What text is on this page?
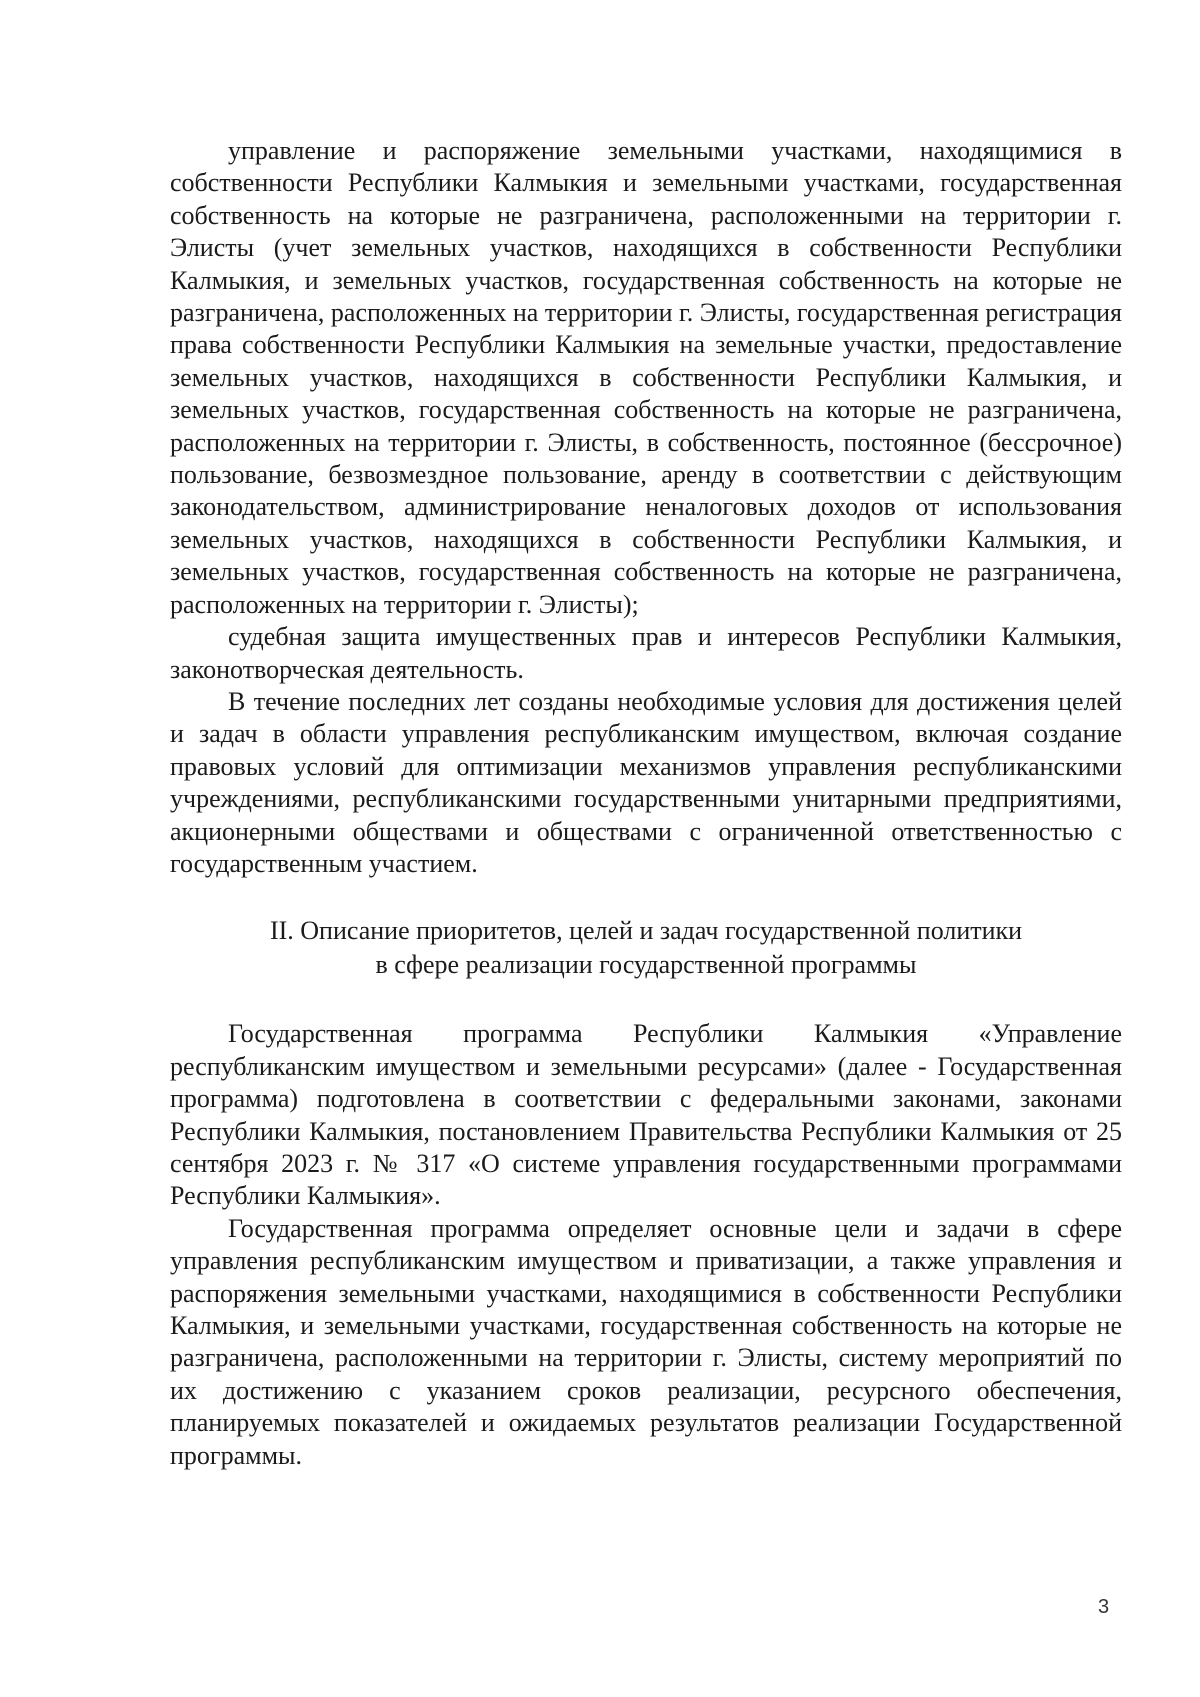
управление и распоряжение земельными участками, находящимися в собственности Республики Калмыкия и земельными участками, государственная собственность на которые не разграничена, расположенными на территории г. Элисты (учет земельных участков, находящихся в собственности Республики Калмыкия, и земельных участков, государственная собственность на которые не разграничена, расположенных на территории г. Элисты, государственная регистрация права собственности Республики Калмыкия на земельные участки, предоставление земельных участков, находящихся в собственности Республики Калмыкия, и земельных участков, государственная собственность на которые не разграничена, расположенных на территории г. Элисты, в собственность, постоянное (бессрочное) пользование, безвозмездное пользование, аренду в соответствии с действующим законодательством, администрирование неналоговых доходов от использования земельных участков, находящихся в собственности Республики Калмыкия, и земельных участков, государственная собственность на которые не разграничена, расположенных на территории г. Элисты);

судебная защита имущественных прав и интересов Республики Калмыкия, законотворческая деятельность.

В течение последних лет созданы необходимые условия для достижения целей и задач в области управления республиканским имуществом, включая создание правовых условий для оптимизации механизмов управления республиканскими учреждениями, республиканскими государственными унитарными предприятиями, акционерными обществами и обществами с ограниченной ответственностью с государственным участием.

II. Описание приоритетов, целей и задач государственной политики
в сфере реализации государственной программы

Государственная программа Республики Калмыкия «Управление республиканским имуществом и земельными ресурсами» (далее - Государственная программа) подготовлена в соответствии с федеральными законами, законами Республики Калмыкия, постановлением Правительства Республики Калмыкия от 25 сентября 2023 г. № 317 «О системе управления государственными программами Республики Калмыкия».

Государственная программа определяет основные цели и задачи в сфере управления республиканским имуществом и приватизации, а также управления и распоряжения земельными участками, находящимися в собственности Республики Калмыкия, и земельными участками, государственная собственность на которые не разграничена, расположенными на территории г. Элисты, систему мероприятий по их достижению с указанием сроков реализации, ресурсного обеспечения, планируемых показателей и ожидаемых результатов реализации Государственной программы.

3
